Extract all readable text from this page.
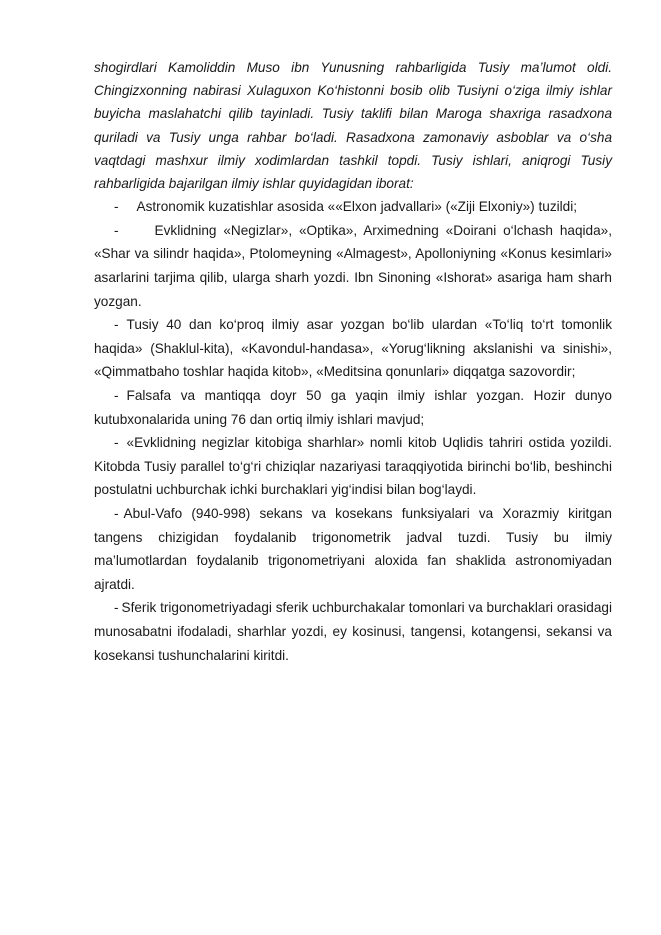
shogirdlari Kamoliddin Muso ibn Yunusning rahbarligida Tusiy ma’lumot oldi. Chingizxonning nabirasi Xulaguxon Ko‘histonni bosib olib Tusiyni o‘ziga ilmiy ishlar buyicha maslahatchi qilib tayinladi. Tusiy taklifi bilan Maroga shaxriga rasadxona quriladi va Tusiy unga rahbar bo‘ladi. Rasadxona zamonaviy asboblar va o‘sha vaqtdagi mashxur ilmiy xodimlardan tashkil topdi. Tusiy ishlari, aniqrogi Tusiy rahbarligida bajarilgan ilmiy ishlar quyidagidan iborat:

- Astronomik kuzatishlar asosida ««Elxon jadvallari» («Ziji Elxoniy») tuzildi;

-	Evklidning «Negizlar», «Optika», Arximedning «Doirani o‘lchash haqida», «Shar va silindr haqida», Ptolomeyning «Almagest», Apolloniyning «Konus kesimlari» asarlarini tarjima qilib, ularga sharh yozdi. Ibn Sinoning «Ishorat» asariga ham sharh yozgan.

- Tusiy 40 dan ko‘proq ilmiy asar yozgan bo‘lib ulardan «To‘liq to‘rt tomonlik haqida» (Shaklul-kita), «Kavondul-handasa», «Yorug‘likning akslanishi va sinishi», «Qimmatbaho toshlar haqida kitob», «Meditsina qonunlari» diqqatga sazovordir;

- Falsafa va mantiqqa doyr 50 ga yaqin ilmiy ishlar yozgan. Hozir dunyo kutubxonalarida uning 76 dan ortiq ilmiy ishlari mavjud;

- «Evklidning negizlar kitobiga sharhlar» nomli kitob Uqlidis tahriri ostida yozildi. Kitobda Tusiy parallel to‘g‘ri chiziqlar nazariyasi taraqqiyotida birinchi bo‘lib, beshinchi postulatni uchburchak ichki burchaklari yig‘indisi bilan bog‘laydi.

- Abul-Vafo (940-998) sekans va kosekans funksiyalari va Xorazmiy kiritgan tangens chizigidan foydalanib trigonometrik jadval tuzdi. Tusiy bu ilmiy ma’lumotlardan foydalanib trigonometriyani aloxida fan shaklida astronomiyadan ajratdi.

- Sferik trigonometriyadagi sferik uchburchakalar tomonlari va burchaklari orasidagi munosabatni ifodaladi, sharhlar yozdi, ey kosinusi, tangensi, kotangensi, sekansi va kosekansi tushunchalarini kiritdi.
